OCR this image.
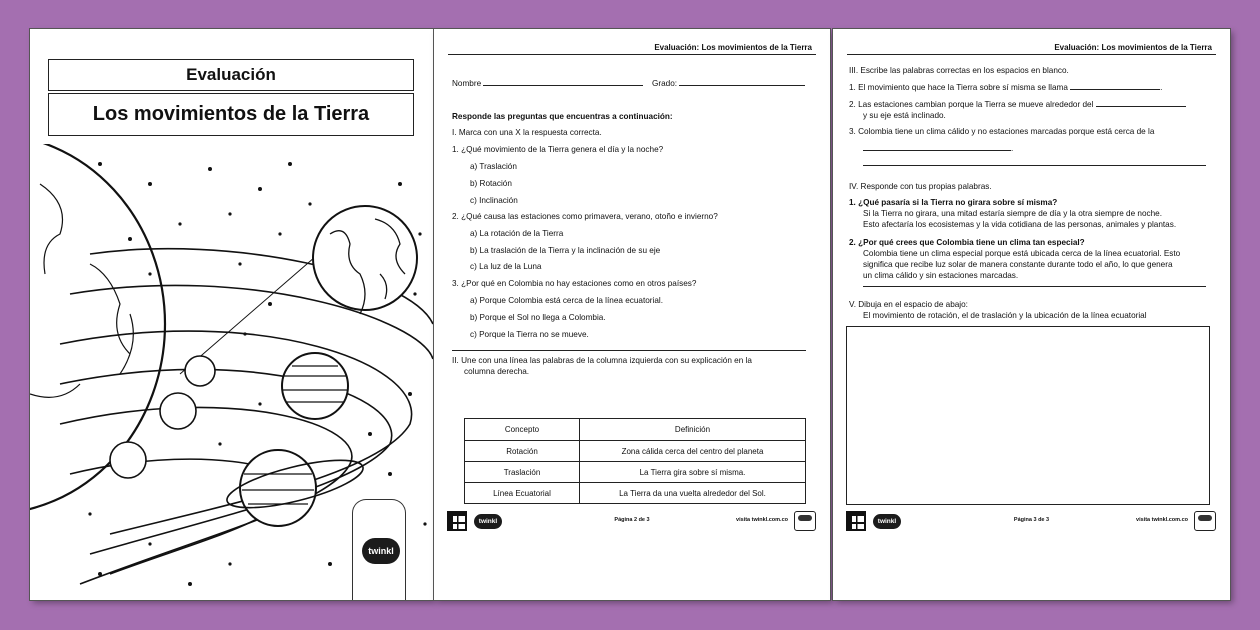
Evaluación
Los movimientos de la Tierra
twinkl
Evaluación: Los movimientos de la Tierra
Nombre	Grado:
Responde las preguntas que encuentras a continuación:
I. Marca con una X la respuesta correcta.
1. ¿Qué movimiento de la Tierra genera el día y la noche?
a) Traslación
b) Rotación
c) Inclinación
2. ¿Qué causa las estaciones como primavera, verano, otoño e invierno?
a) La rotación de la Tierra
b) La traslación de la Tierra y la inclinación de su eje
c) La luz de la Luna
3. ¿Por qué en Colombia no hay estaciones como en otros países?
a) Porque Colombia está cerca de la línea ecuatorial.
b) Porque el Sol no llega a Colombia.
c) Porque la Tierra no se mueve.
II. Une con una línea las palabras de la columna izquierda con su explicación en la
columna derecha.
Concepto	Definición
Rotación	Zona cálida cerca del centro del planeta
Traslación	La Tierra gira sobre sí misma.
Línea Ecuatorial	La Tierra da una vuelta alrededor del Sol.
twinkl	Página 2 de 3	visita twinkl.com.co
Evaluación: Los movimientos de la Tierra
III. Escribe las palabras correctas en los espacios en blanco.
1. El movimiento que hace la Tierra sobre sí misma se llama	.
2. Las estaciones cambian porque la Tierra se mueve alrededor del
y su eje está inclinado.
3. Colombia tiene un clima cálido y no estaciones marcadas porque está cerca de la
.
IV. Responde con tus propias palabras.
1. ¿Qué pasaría si la Tierra no girara sobre sí misma?
Si la Tierra no girara, una mitad estaría siempre de día y la otra siempre de noche.
Esto afectaría los ecosistemas y la vida cotidiana de las personas, animales y plantas.
2. ¿Por qué crees que Colombia tiene un clima tan especial?
Colombia tiene un clima especial porque está ubicada cerca de la línea ecuatorial. Esto
significa que recibe luz solar de manera constante durante todo el año, lo que genera
un clima cálido y sin estaciones marcadas.
V. Dibuja en el espacio de abajo:
El movimiento de rotación, el de traslación y la ubicación de la línea ecuatorial
twinkl	Página 3 de 3	visita twinkl.com.co
